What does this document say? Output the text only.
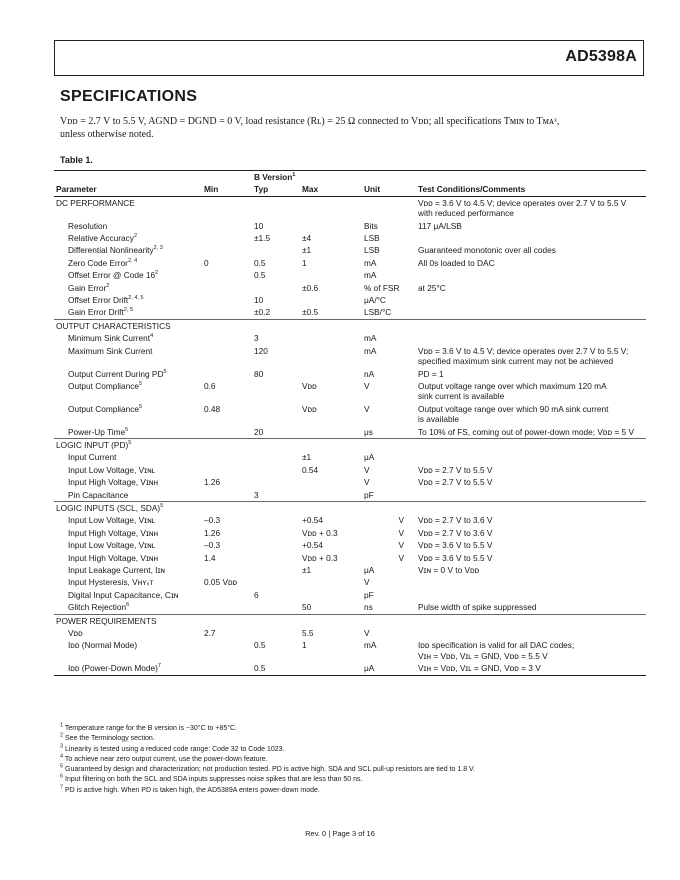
AD5398A
SPECIFICATIONS

Vᴅᴅ = 2.7 V to 5.5 V, AGND = DGND = 0 V, load resistance (Rʟ) = 25 Ω connected to Vᴅᴅ; all specifications Tᴍɪɴ to Tᴍᴀˣ,
unless otherwise noted.

Table 1.
		B Version$^1$		
Parameter	Min	Typ	Max	Unit	Test Conditions/Comments
DC PERFORMANCE					Vᴅᴅ = 3.6 V to 4.5 V; device operates over 2.7 V to 5.5 V
with reduced performance
Resolution		10		Bits	117 μA/LSB
Relative Accuracy$^2$		±1.5	±4	LSB	
Differential Nonlinearity$^{2, 3}$			±1	LSB	Guaranteed monotonic over all codes
Zero Code Error$^{2, 4}$	0	0.5	1	mA	All 0s loaded to DAC
Offset Error @ Code $16^2$		0.5		mA	
Gain Error$^2$			±0.6	% of FSR	at 25°C
Offset Error Drift$^{2, 4, 5}$		10		μA/°C	
Gain Error Drift$^{2, 5}$		±0.2	±0.5	LSB/°C	
OUTPUT CHARACTERISTICS					
Minimum Sink Current$^4$		3		mA	
Maximum Sink Current		120		mA	Vᴅᴅ = 3.6 V to 4.5 V; device operates over 2.7 V to 5.5 V;
specified maximum sink current may not be achieved
Output Current During $PD^5$		80		nA	PD = 1
Output Compliance$^5$	0.6		Vᴅᴅ	V	Output voltage range over which maximum 120 mA
sink current is available
Output Compliance$^5$	0.48		Vᴅᴅ	V	Output voltage range over which 90 mA sink current
is available
Power-Up Time$^5$		20		μs	To 10% of FS, coming out of power-down mode; Vᴅᴅ = 5 V
LOGIC INPUT (PD)$^5$					
Input Current			±1	μA	
Input Low Voltage, Vɪɴʟ			0.54	V	Vᴅᴅ = 2.7 V to 5.5 V
Input High Voltage, Vɪɴʜ	1.26			V	Vᴅᴅ = 2.7 V to 5.5 V
Pin Capacitance		3		pF	
LOGIC INPUTS (SCL, SDA)$^5$					
Input Low Voltage, Vɪɴʟ	–0.3		+0.54	V	Vᴅᴅ = 2.7 V to 3.6 V
Input High Voltage, Vɪɴʜ	1.26		Vᴅᴅ + 0.3	V	Vᴅᴅ = 2.7 V to 3.6 V
Input Low Voltage, Vɪɴʟ	–0.3		+0.54	V	Vᴅᴅ = 3.6 V to 5.5 V
Input High Voltage, Vɪɴʜ	1.4		Vᴅᴅ + 0.3	V	Vᴅᴅ = 3.6 V to 5.5 V
Input Leakage Current, Iɪɴ			±1	μA	Vɪɴ = 0 V to Vᴅᴅ
Input Hysteresis, Vʜʏₛᴛ	0.05 Vᴅᴅ			V	
Digital Input Capacitance, Cɪɴ		6		pF	
Glitch Rejection$^6$			50	ns	Pulse width of spike suppressed
POWER REQUIREMENTS					
Vᴅᴅ	2.7		5.5	V	
Iᴅᴅ (Normal Mode)		0.5	1	mA	Iᴅᴅ specification is valid for all DAC codes;
Vɪʜ = Vᴅᴅ, Vɪʟ = GND, Vᴅᴅ = 5.5 V
Iᴅᴅ (Power-Down Mode)$^7$		0.5		μA	Vɪʜ = Vᴅᴅ, Vɪʟ = GND, Vᴅᴅ = 3 V
$^1$ Temperature range for the B version is −30°C to +85°C.
$^2$ See the Terminology section.
$^3$ Linearity is tested using a reduced code range: Code 32 to Code 1023.
$^4$ To achieve near zero output current, use the power-down feature.
$^5$ Guaranteed by design and characterization; not production tested. PD is active high. SDA and SCL pull-up resistors are tied to 1.8 V.
$^6$ Input filtering on both the SCL and SDA inputs suppresses noise spikes that are less than 50 ns.
$^7$ PD is active high. When PD is taken high, the AD5389A enters power-down mode.
Rev. 0 | Page 3 of 16
